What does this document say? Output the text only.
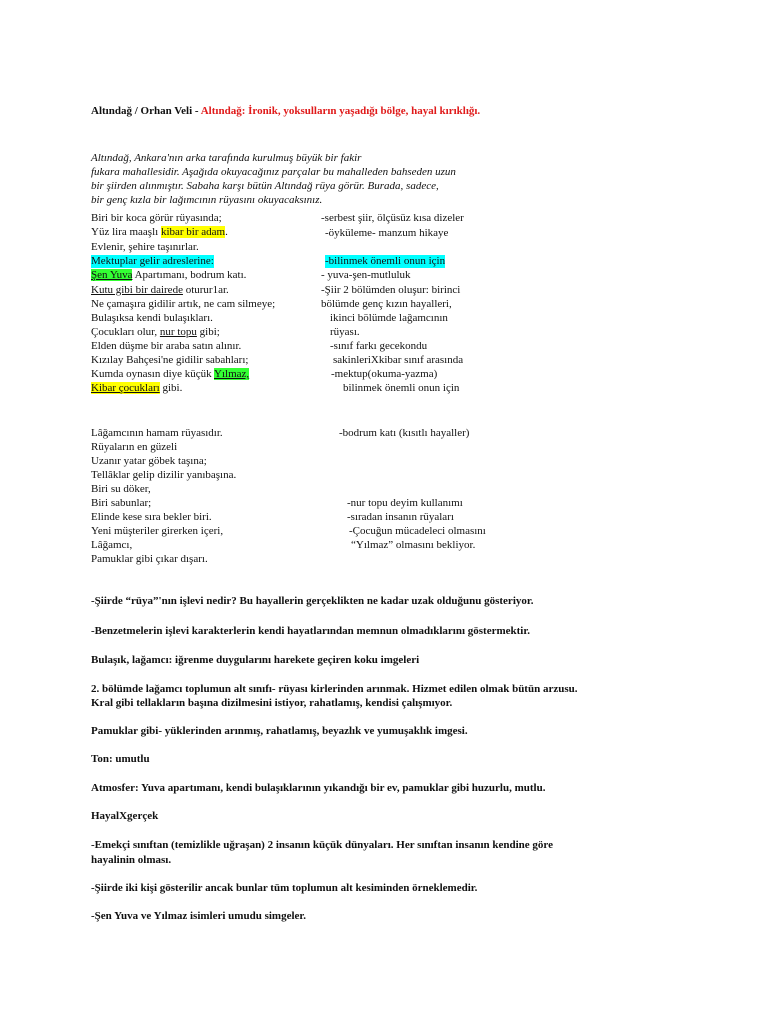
Altındağ / Orhan Veli - Altındağ: İronik, yoksulların yaşadığı bölge, hayal kırıklığı.
Altındağ, Ankara'nın arka tarafında kurulmuş büyük bir fakir
fukara mahallesidir. Aşağıda okuyacağınız parçalar bu mahalleden bahseden uzun
bir şiirden alınmıştır. Sabaha karşı bütün Altındağ rüya görür. Burada, sadece,
bir genç kızla bir lağımcının rüyasını okuyacaksınız.
Biri bir koca görür rüyasında;
Yüz lira maaşlı kibar bir adam.
Evlenir, şehire taşınırlar.
Mektuplar gelir adreslerine:
Şen Yuva Apartımanı, bodrum katı.
Kutu gibi bir dairede oturur1ar.
Ne çamaşıra gidilir artık, ne cam silmeye;
Bulaşıksa kendi bulaşıkları.
Çocukları olur, nur topu gibi;
Elden düşme bir araba satın alınır.
Kızılay Bahçesi'ne gidilir sabahları;
Kumda oynasın diye küçük Yılmaz,
Kibar çocukları gibi.
-serbest şiir, ölçüsüz kısa dizeler
-öyküleme- manzum hikaye
-bilinmek önemli onun için
- yuva-şen-mutluluk
-Şiir 2 bölümden oluşur: birinci
bölümde genç kızın hayalleri,
ikinci bölümde lağamcının
rüyası.
-sınıf farkı gecekondu
sakinleriXkibar sınıf arasında
-mektup(okuma-yazma)
bilinmek önemli onun için
Lâğamcının hamam rüyasıdır.
Rüyaların en güzeli
Uzanır yatar göbek taşına;
Tellâklar gelip dizilir yanıbaşına.
Biri su döker,
Biri sabunlar;
Elinde kese sıra bekler biri.
Yeni müşteriler girerken içeri,
Lâğamcı,
Pamuklar gibi çıkar dışarı.
-bodrum katı (kısıtlı hayaller)
-nur topu deyim kullanımı
-sıradan insanın rüyaları
-Çocuğun mücadeleci olmasını
“Yılmaz” olmasını bekliyor.
-Şiirde “rüya”'nın işlevi nedir? Bu hayallerin gerçeklikten ne kadar uzak olduğunu gösteriyor.
-Benzetmelerin işlevi karakterlerin kendi hayatlarından memnun olmadıklarını göstermektir.
Bulaşık, lağamcı: iğrenme duygularını harekete geçiren koku imgeleri
2. bölümde lağamcı toplumun alt sınıfı- rüyası kirlerinden arınmak. Hizmet edilen olmak bütün arzusu.
Kral gibi tellakların başına dizilmesini istiyor, rahatlamış, kendisi çalışmıyor.
Pamuklar gibi- yüklerinden arınmış, rahatlamış, beyazlık ve yumuşaklık imgesi.
Ton: umutlu
Atmosfer: Yuva apartımanı, kendi bulaşıklarının yıkandığı bir ev, pamuklar gibi huzurlu, mutlu.
HayalXgerçek
-Emekçi sınıftan (temizlikle uğraşan) 2 insanın küçük dünyaları. Her sınıftan insanın kendine göre
hayalinin olması.
-Şiirde iki kişi gösterilir ancak bunlar tüm toplumun alt kesiminden örneklemedir.
-Şen Yuva ve Yılmaz isimleri umudu simgeler.
